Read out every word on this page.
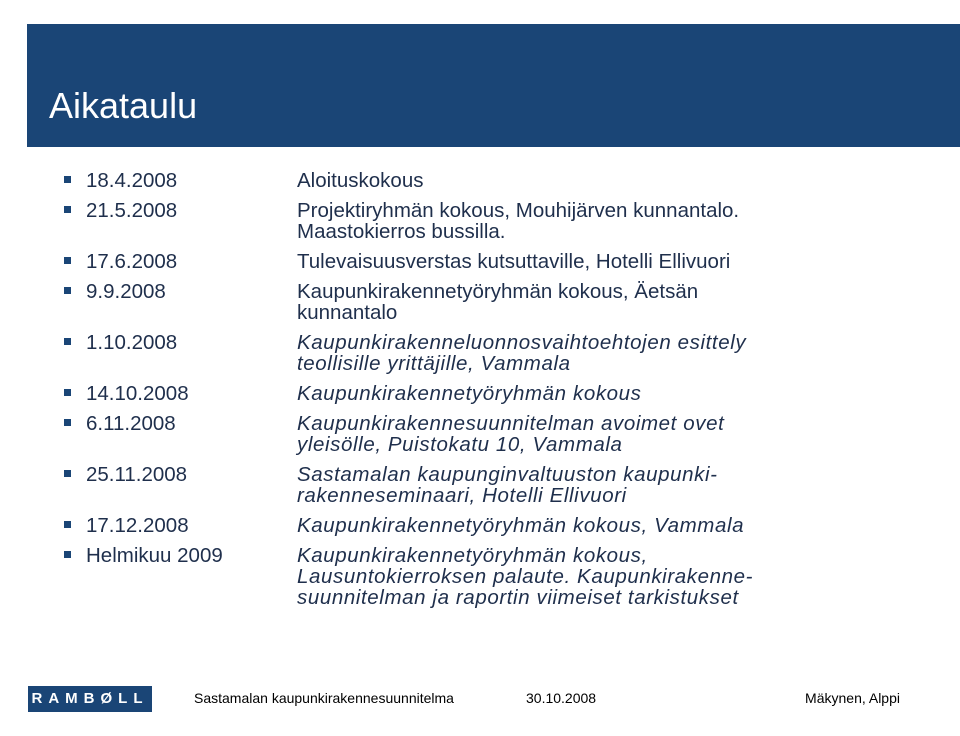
Aikataulu
18.4.2008	Aloituskokous
21.5.2008	Projektiryhmän kokous, Mouhijärven kunnantalo.
Maastokierros bussilla.
17.6.2008	Tulevaisuusverstas kutsuttaville, Hotelli Ellivuori
9.9.2008	Kaupunkirakennetyöryhmän kokous, Äetsän
kunnantalo
1.10.2008	Kaupunkirakenneluonnosvaihtoehtojen esittely
teollisille yrittäjille, Vammala
14.10.2008	Kaupunkirakennetyöryhmän kokous
6.11.2008	Kaupunkirakennesuunnitelman avoimet ovet
yleisölle, Puistokatu 10, Vammala
25.11.2008	Sastamalan kaupunginvaltuuston kaupunki-
rakenneseminaari, Hotelli Ellivuori
17.12.2008	Kaupunkirakennetyöryhmän kokous, Vammala
Helmikuu 2009	Kaupunkirakennetyöryhmän kokous,
Lausuntokierroksen palaute. Kaupunkirakenne-
suunnitelman ja raportin viimeiset tarkistukset
RAMBØLL	Sastamalan kaupunkirakennesuunnitelma	30.10.2008	Mäkynen, Alppi
